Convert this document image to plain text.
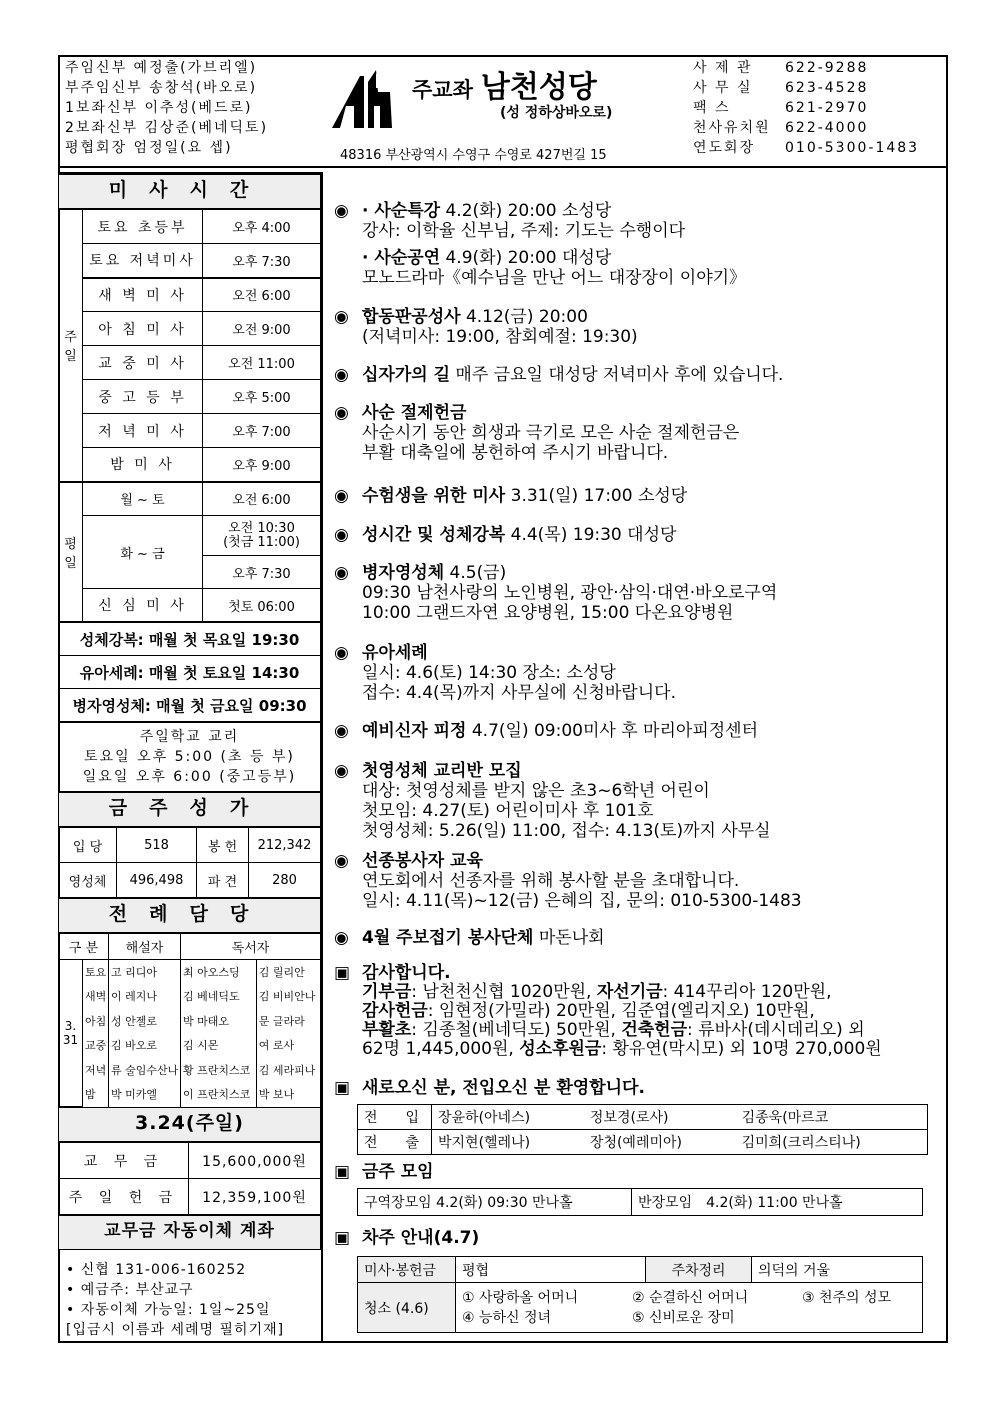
주임신부 예정출(가브리엘)
부주임신부 송창석(바오로)
1보좌신부 이추성(베드로)
2보좌신부 김상준(베네딕토)
평협회장 엄정일(요 셉)
주교좌 남천성당
(성 정하상바오로)
48316 부산광역시 수영구 수영로 427번길 15
사 제 관 622-9288
사 무 실 623-4528
팩 스	621-2970
천사유치원 622-4000
연도회장 010-5300-1483
미사시간
주일	토요 초등부	오후 4:00
	토요 저녁미사	오후 7:30
	새 벽 미 사	오전 6:00
	아 침 미 사	오전 9:00
	교 중 미 사	오전 11:00
	중 고 등 부	오후 5:00
	저 녁 미 사	오후 7:00
	밤 미 사	오후 9:00
평일	월 ~ 토	오전 6:00
	화 ~ 금	오전 10:30
(첫금 11:00)
		오후 7:30
	신 심 미 사	첫토 06:00
성체강복: 매월 첫 목요일 19:30
유아세례: 매월 첫 토요일 14:30
병자영성체: 매월 첫 금요일 09:30
주일학교 교리
토요일 오후 5:00 (초 등 부)
일요일 오후 6:00 (중고등부)
금주성가
입 당	518	봉 헌	212,342
영성체	496,498	파 견	280
전례담당
구 분		해설자	독서자	
3. 31	토요	고 리디아	최 아오스딩	김 릴리안
	새벽	이 레지나	김 베네딕도	김 비비안나
	아침	성 안젤로	박 마태오	문 글라라
	교중	김 바오로	김 시몬	여 로사
	저녁	류 술임수산나	황 프란치스코	김 세라피나
	밤	박 미카엘	이 프란치스코	박 보나
3.24(주일)
교 무 금	15,600,000원
주 일 헌 금	12,359,100원
교무금 자동이체 계좌
• 신협 131-006-160252
• 예금주: 부산교구
• 자동이체 가능일: 1일~25일
[입금시 이름과 세례명 필히기재]
◉ · 사순특강 4.2(화) 20:00 소성당
강사: 이학율 신부님, 주제: 기도는 수행이다
· 사순공연 4.9(화) 20:00 대성당
모노드라마《예수님을 만난 어느 대장장이 이야기》
◉ 합동판공성사 4.12(금) 20:00
(저녁미사: 19:00, 참회예절: 19:30)
◉ 십자가의 길 매주 금요일 대성당 저녁미사 후에 있습니다.
◉ 사순 절제헌금
사순시기 동안 희생과 극기로 모은 사순 절제헌금은
부활 대축일에 봉헌하여 주시기 바랍니다.
◉ 수험생을 위한 미사 3.31(일) 17:00 소성당
◉ 성시간 및 성체강복 4.4(목) 19:30 대성당
◉ 병자영성체 4.5(금)
09:30 남천사랑의 노인병원, 광안·삼익·대연·바오로구역
10:00 그랜드자연 요양병원, 15:00 다온요양병원
◉ 유아세례
일시: 4.6(토) 14:30 장소: 소성당
접수: 4.4(목)까지 사무실에 신청바랍니다.
◉ 예비신자 피정 4.7(일) 09:00미사 후 마리아피정센터
◉ 첫영성체 교리반 모집
대상: 첫영성체를 받지 않은 초3~6학년 어린이
첫모임: 4.27(토) 어린이미사 후 101호
첫영성체: 5.26(일) 11:00, 접수: 4.13(토)까지 사무실
◉ 선종봉사자 교육
연도회에서 선종자를 위해 봉사할 분을 초대합니다.
일시: 4.11(목)~12(금) 은혜의 집, 문의: 010-5300-1483
◉ 4월 주보접기 봉사단체 마돈나회
▣ 감사합니다.
기부금: 남천천신협 1020만원, 자선기금: 414꾸리아 120만원,
감사헌금: 임현정(가밀라) 20만원, 김준엽(엘리지오) 10만원,
부활초: 김종철(베네딕도) 50만원, 건축헌금: 류바사(데시데리오) 외
62명 1,445,000원, 성소후원금: 황유연(막시모) 외 10명 270,000원
▣ 새로오신 분, 전입오신 분 환영합니다.
▣ 금주 모임
▣ 차주 안내(4.7)
전　　입	장윤하(아네스)	정보경(로사)	김종욱(마르코
전　　출	박지현(헬레나)	장청(예레미아)	김미희(크리스티나)
구역장모임 4.2(화) 09:30 만나홀	반장모임　4.2(화) 11:00 만나홀
미사·봉헌금	평협	주차정리	의덕의 거울
청소 (4.6)	① 사랑하올 어머니 ② 순결하신 어머니 ③ 천주의 성모
④ 능하신 정녀 ⑤ 신비로운 장미		
